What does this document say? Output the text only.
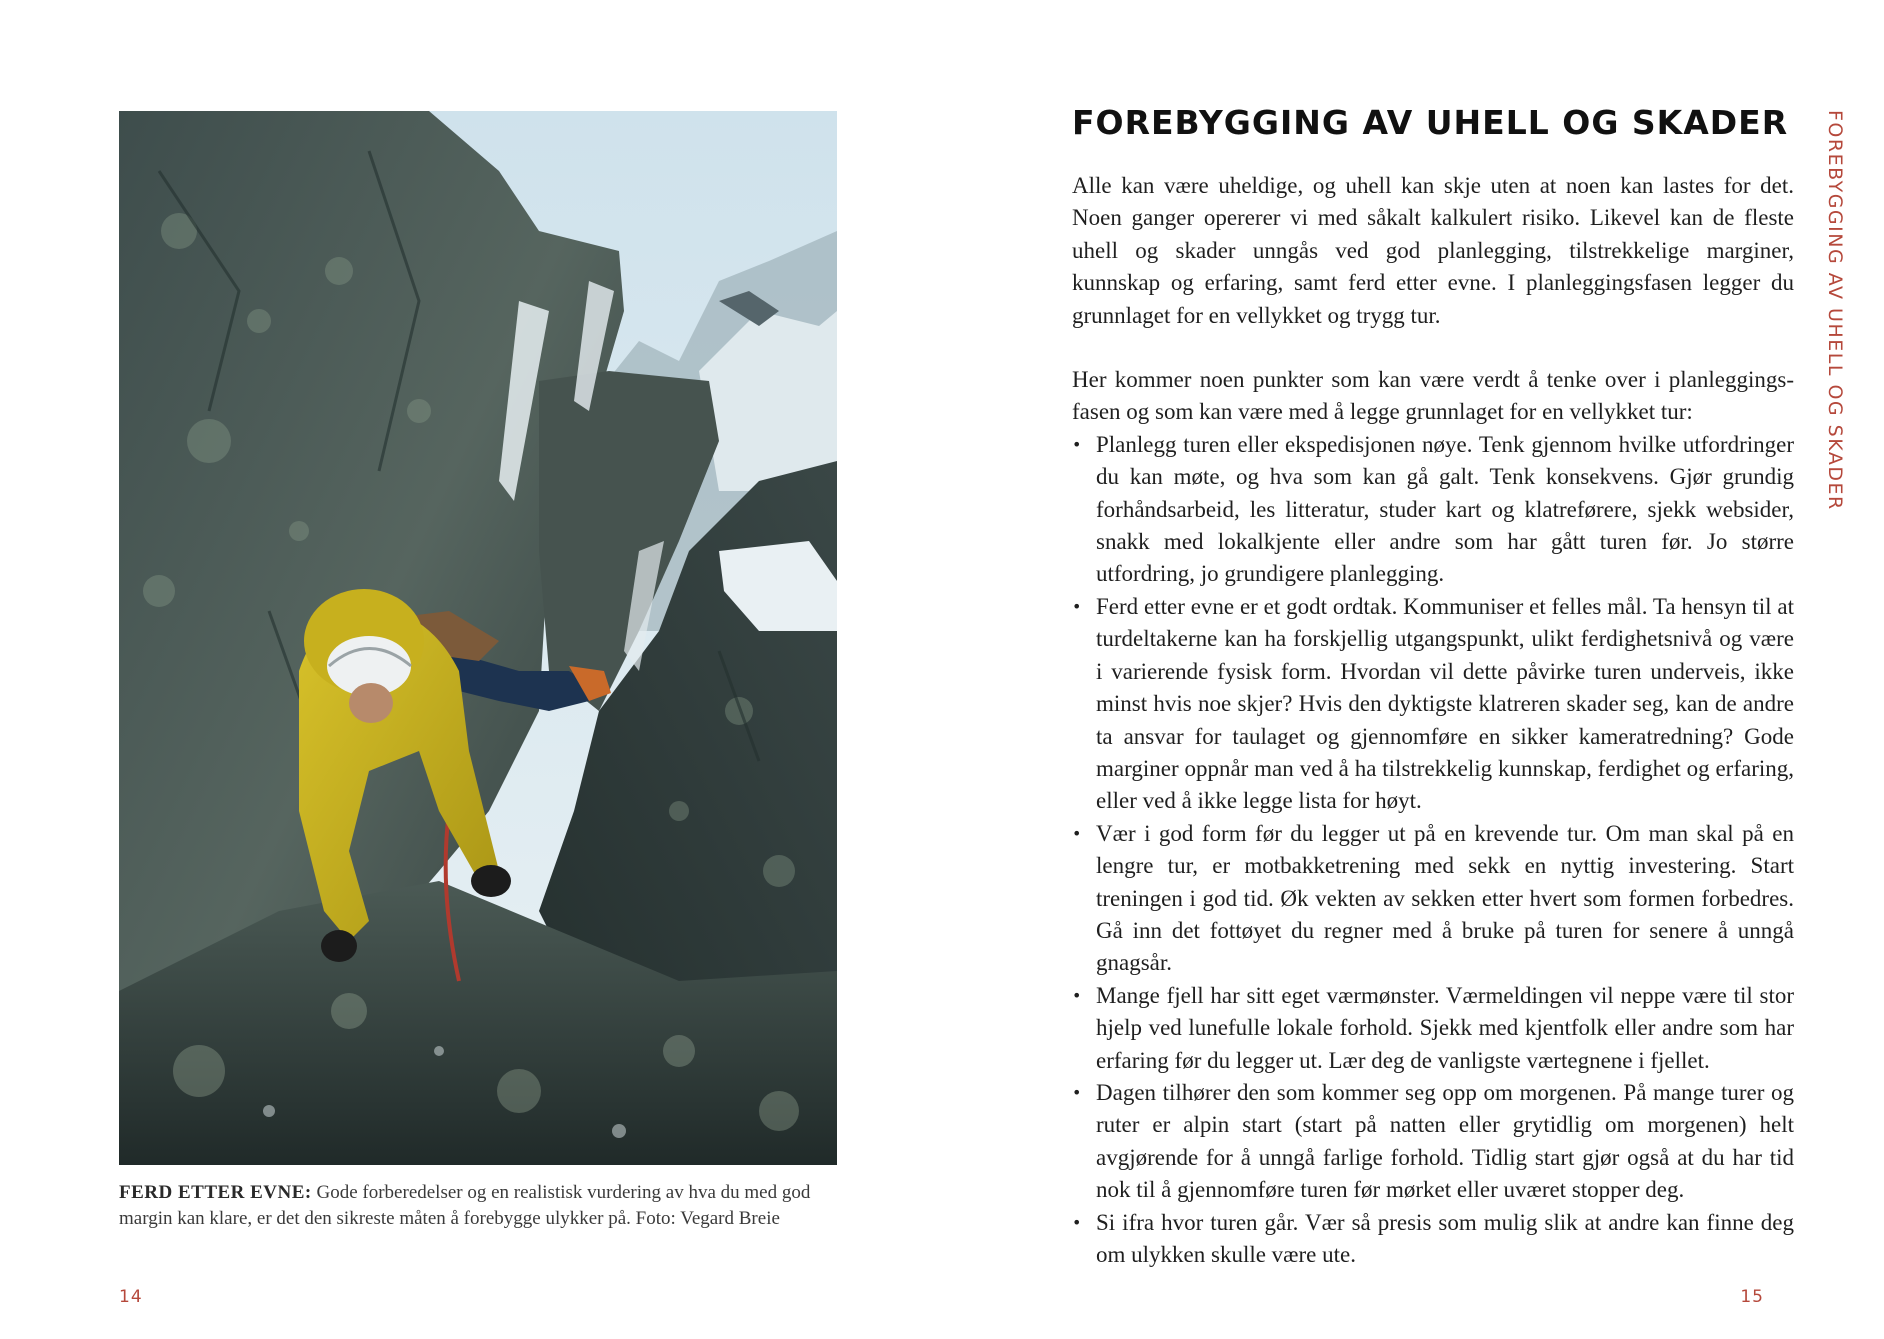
FERD ETTER EVNE: Gode forberedelser og en realistisk vurdering av hva du med god margin kan klare, er det den sikreste måten å forebygge ulykker på. Foto: Vegard Breie
14
FOREBYGGING AV UHELL OG SKADER

Alle kan være uheldige, og uhell kan skje uten at noen kan lastes for det. Noen ganger opererer vi med såkalt kalkulert risiko. Likevel kan de fleste uhell og skader unngås ved god planlegging, tilstrekkelige marginer, kunnskap og erfaring, samt ferd etter evne. I planleggingsfasen legger du grunnlaget for en vellykket og trygg tur.

Her kommer noen punkter som kan være verdt å tenke over i planleggings-fasen og som kan være med å legge grunnlaget for en vellykket tur:

• Planlegg turen eller ekspedisjonen nøye. Tenk gjennom hvilke utfordringer du kan møte, og hva som kan gå galt. Tenk konsekvens. Gjør grundig forhåndsarbeid, les litteratur, studer kart og klatreførere, sjekk websider, snakk med lokalkjente eller andre som har gått turen før. Jo større utfordring, jo grundigere planlegging.
• Ferd etter evne er et godt ordtak. Kommuniser et felles mål. Ta hensyn til at turdeltakerne kan ha forskjellig utgangspunkt, ulikt ferdighetsnivå og være i varierende fysisk form. Hvordan vil dette påvirke turen underveis, ikke minst hvis noe skjer? Hvis den dyktigste klatreren skader seg, kan de andre ta ansvar for taulaget og gjennomføre en sikker kameratredning? Gode marginer oppnår man ved å ha tilstrekkelig kunnskap, ferdighet og erfaring, eller ved å ikke legge lista for høyt.
• Vær i god form før du legger ut på en krevende tur. Om man skal på en lengre tur, er motbakketrening med sekk en nyttig investering. Start treningen i god tid. Øk vekten av sekken etter hvert som formen forbedres. Gå inn det fottøyet du regner med å bruke på turen for senere å unngå gnagsår.
• Mange fjell har sitt eget værmønster. Værmeldingen vil neppe være til stor hjelp ved lunefulle lokale forhold. Sjekk med kjentfolk eller andre som har erfaring før du legger ut. Lær deg de vanligste værtegnene i fjellet.
• Dagen tilhører den som kommer seg opp om morgenen. På mange turer og ruter er alpin start (start på natten eller grytidlig om morgenen) helt avgjørende for å unngå farlige forhold. Tidlig start gjør også at du har tid nok til å gjennomføre turen før mørket eller uværet stopper deg.
• Si ifra hvor turen går. Vær så presis som mulig slik at andre kan finne deg om ulykken skulle være ute.
FOREBYGGING AV UHELL OG SKADER
15
